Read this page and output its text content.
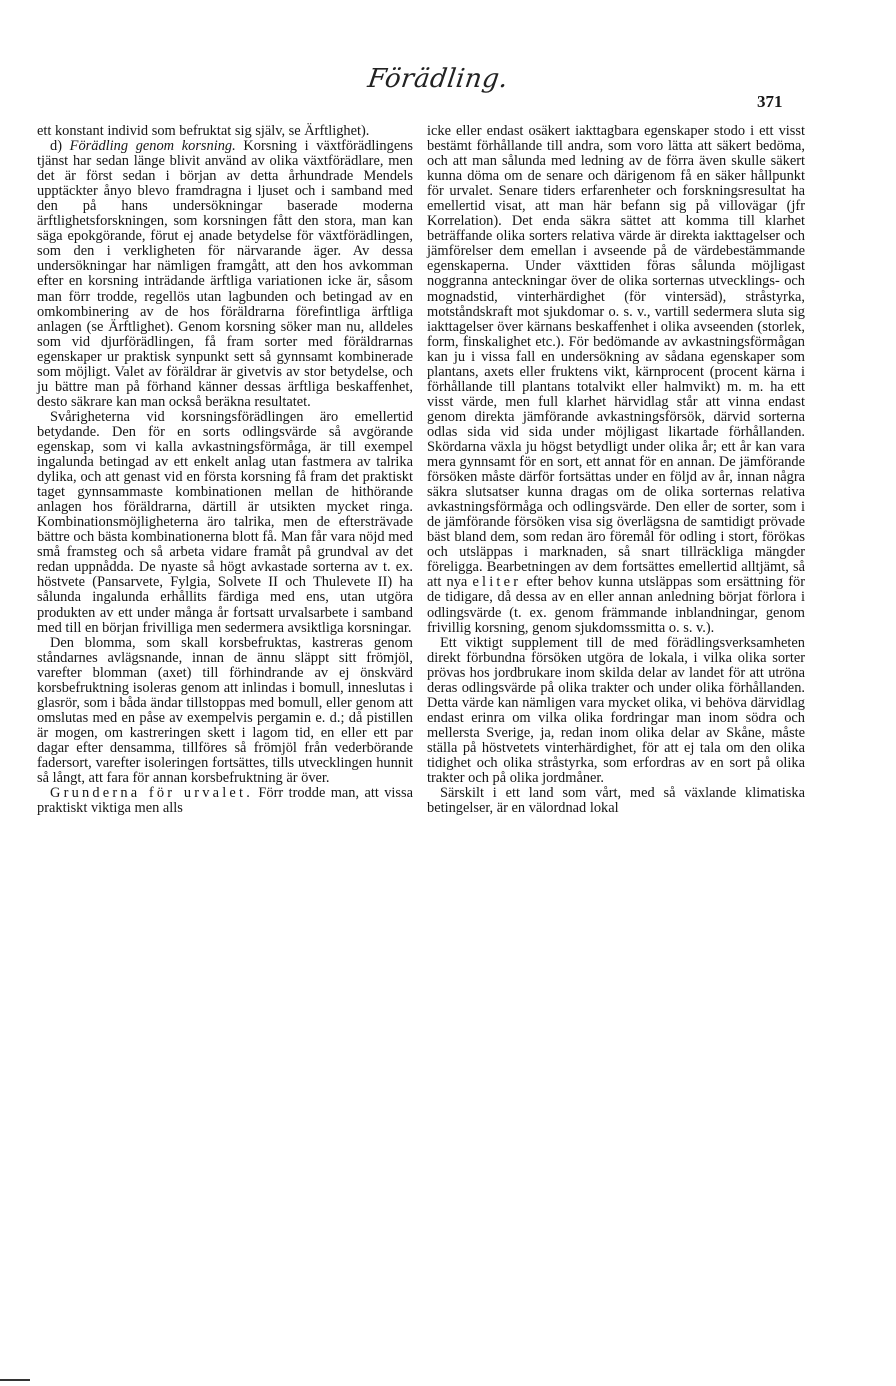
Förädling.
371

ett konstant individ som befruktat sig själv, se Ärftlighet).

d) Förädling genom korsning. Korsning i växtförädlingens tjänst har sedan länge blivit använd av olika växtförädlare, men det är först sedan i början av detta århundrade Mendels upptäckter ånyo blevo framdragna i ljuset och i samband med den på hans undersökningar baserade moderna ärftlighetsforskningen, som korsningen fått den stora, man kan säga epokgörande, förut ej anade betydelse för växtförädlingen, som den i verkligheten för närvarande äger. Av dessa undersökningar har nämligen framgått, att den hos avkomman efter en korsning inträdande ärftliga variationen icke är, såsom man förr trodde, regellös utan lagbunden och betingad av en omkombinering av de hos föräldrarna förefintliga ärftliga anlagen (se Ärftlighet). Genom korsning söker man nu, alldeles som vid djurförädlingen, få fram sorter med föräldrarnas egenskaper ur praktisk synpunkt sett så gynnsamt kombinerade som möjligt. Valet av föräldrar är givetvis av stor betydelse, och ju bättre man på förhand känner dessas ärftliga beskaffenhet, desto säkrare kan man också beräkna resultatet.

Svårigheterna vid korsningsförädlingen äro emellertid betydande. Den för en sorts odlingsvärde så avgörande egenskap, som vi kalla avkastningsförmåga, är till exempel ingalunda betingad av ett enkelt anlag utan fastmera av talrika dylika, och att genast vid en första korsning få fram det praktiskt taget gynnsammaste kombinationen mellan de hithörande anlagen hos föräldrarna, därtill är utsikten mycket ringa. Kombinationsmöjligheterna äro talrika, men de eftersträvade bättre och bästa kombinationerna blott få. Man får vara nöjd med små framsteg och så arbeta vidare framåt på grundval av det redan uppnådda. De nyaste så högt avkastade sorterna av t. ex. höstvete (Pansarvete, Fylgia, Solvete II och Thulevete II) ha sålunda ingalunda erhållits färdiga med ens, utan utgöra produkten av ett under många år fortsatt urvalsarbete i samband med till en början frivilliga men sedermera avsiktliga korsningar.

Den blomma, som skall korsbefruktas, kastreras genom ståndarnes avlägsnande, innan de ännu släppt sitt frömjöl, varefter blomman (axet) till förhindrande av ej önskvärd korsbefruktning isoleras genom att inlindas i bomull, inneslutas i glasrör, som i båda ändar tillstoppas med bomull, eller genom att omslutas med en påse av exempelvis pergamin e. d.; då pistillen är mogen, om kastreringen skett i lagom tid, en eller ett par dagar efter densamma, tillföres så frömjöl från vederbörande fadersort, varefter isoleringen fortsättes, tills utvecklingen hunnit så långt, att fara för annan korsbefruktning är över.

Grunderna för urvalet. Förr trodde man, att vissa praktiskt viktiga men alls

icke eller endast osäkert iakttagbara egenskaper stodo i ett visst bestämt förhållande till andra, som voro lätta att säkert bedöma, och att man sålunda med ledning av de förra även skulle säkert kunna döma om de senare och därigenom få en säker hållpunkt för urvalet. Senare tiders erfarenheter och forskningsresultat ha emellertid visat, att man här befann sig på villovägar (jfr Korrelation). Det enda säkra sättet att komma till klarhet beträffande olika sorters relativa värde är direkta iakttagelser och jämförelser dem emellan i avseende på de värdebestämmande egenskaperna. Under växttiden föras sålunda möjligast noggranna anteckningar över de olika sorternas utvecklings- och mognadstid, vinterhärdighet (för vintersäd), stråstyrka, motståndskraft mot sjukdomar o. s. v., vartill sedermera sluta sig iakttagelser över kärnans beskaffenhet i olika avseenden (storlek, form, finskalighet etc.). För bedömande av avkastningsförmågan kan ju i vissa fall en undersökning av sådana egenskaper som plantans, axets eller fruktens vikt, kärnprocent (procent kärna i förhållande till plantans totalvikt eller halmvikt) m. m. ha ett visst värde, men full klarhet härvidlag står att vinna endast genom direkta jämförande avkastningsförsök, därvid sorterna odlas sida vid sida under möjligast likartade förhållanden. Skördarna växla ju högst betydligt under olika år; ett år kan vara mera gynnsamt för en sort, ett annat för en annan. De jämförande försöken måste därför fortsättas under en följd av år, innan några säkra slutsatser kunna dragas om de olika sorternas relativa avkastningsförmåga och odlingsvärde. Den eller de sorter, som i de jämförande försöken visa sig överlägsna de samtidigt prövade bäst bland dem, som redan äro föremål för odling i stort, förökas och utsläppas i marknaden, så snart tillräckliga mängder föreligga. Bearbetningen av dem fortsättes emellertid alltjämt, så att nya eliter efter behov kunna utsläppas som ersättning för de tidigare, då dessa av en eller annan anledning börjat förlora i odlingsvärde (t. ex. genom främmande inblandningar, genom frivillig korsning, genom sjukdomssmitta o. s. v.).

Ett viktigt supplement till de med förädlingsverksamheten direkt förbundna försöken utgöra de lokala, i vilka olika sorter prövas hos jordbrukare inom skilda delar av landet för att utröna deras odlingsvärde på olika trakter och under olika förhållanden. Detta värde kan nämligen vara mycket olika, vi behöva därvidlag endast erinra om vilka olika fordringar man inom södra och mellersta Sverige, ja, redan inom olika delar av Skåne, måste ställa på höstvetets vinterhärdighet, för att ej tala om den olika tidighet och olika stråstyrka, som erfordras av en sort på olika trakter och på olika jordmåner.

Särskilt i ett land som vårt, med så växlande klimatiska betingelser, är en välordnad lokal
